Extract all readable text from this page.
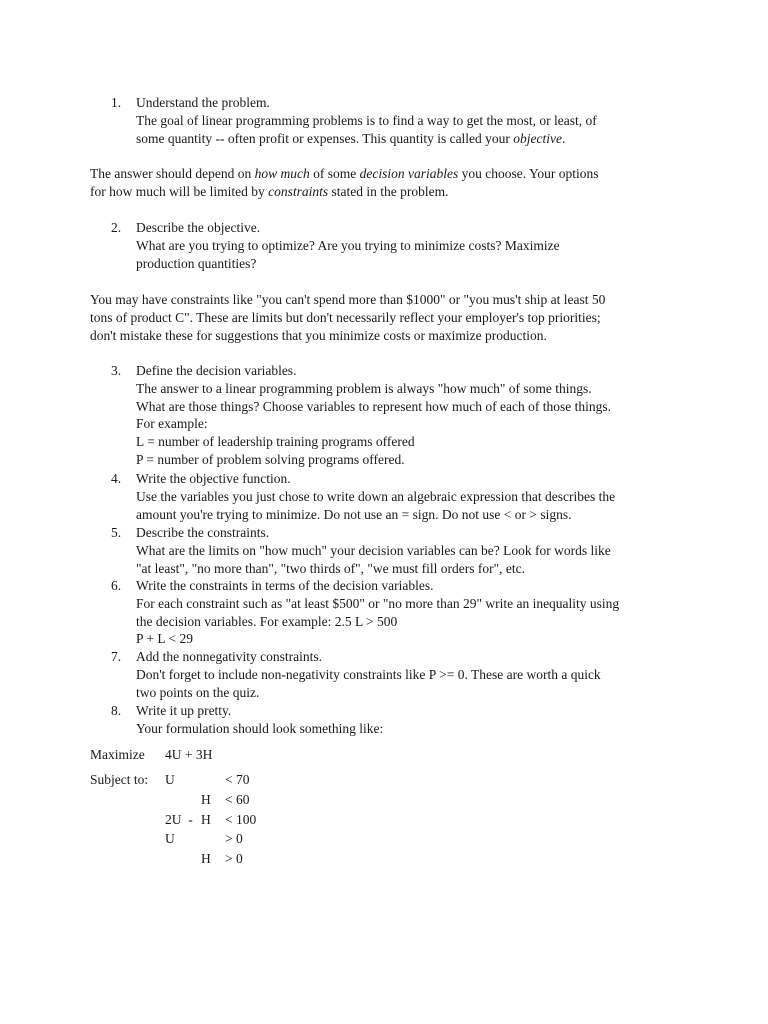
1. Understand the problem.
The goal of linear programming problems is to find a way to get the most, or least, of
some quantity -- often profit or expenses. This quantity is called your objective.
The answer should depend on how much of some decision variables you choose. Your options
for how much will be limited by constraints stated in the problem.
2. Describe the objective.
What are you trying to optimize? Are you trying to minimize costs? Maximize
production quantities?
You may have constraints like "you can't spend more than $1000" or "you mus't ship at least 50
tons of product C". These are limits but don't necessarily reflect your employer's top priorities;
don't mistake these for suggestions that you minimize costs or maximize production.
3. Define the decision variables.
The answer to a linear programming problem is always "how much" of some things.
What are those things? Choose variables to represent how much of each of those things.
For example:
L = number of leadership training programs offered
P = number of problem solving programs offered.
4. Write the objective function.
Use the variables you just chose to write down an algebraic expression that describes the
amount you're trying to minimize. Do not use an = sign. Do not use < or > signs.
5. Describe the constraints.
What are the limits on "how much" your decision variables can be? Look for words like
"at least", "no more than", "two thirds of", "we must fill orders for", etc.
6. Write the constraints in terms of the decision variables.
For each constraint such as "at least $500" or "no more than 29" write an inequality using
the decision variables. For example: 2.5 L > 500
P + L < 29
7. Add the nonnegativity constraints.
Don't forget to include non-negativity constraints like P >= 0. These are worth a quick
two points on the quiz.
8. Write it up pretty.
Your formulation should look something like:
Maximize 4U + 3H
Subject to: U	< 70
H < 60
2U  - H < 100
U	> 0
H > 0
